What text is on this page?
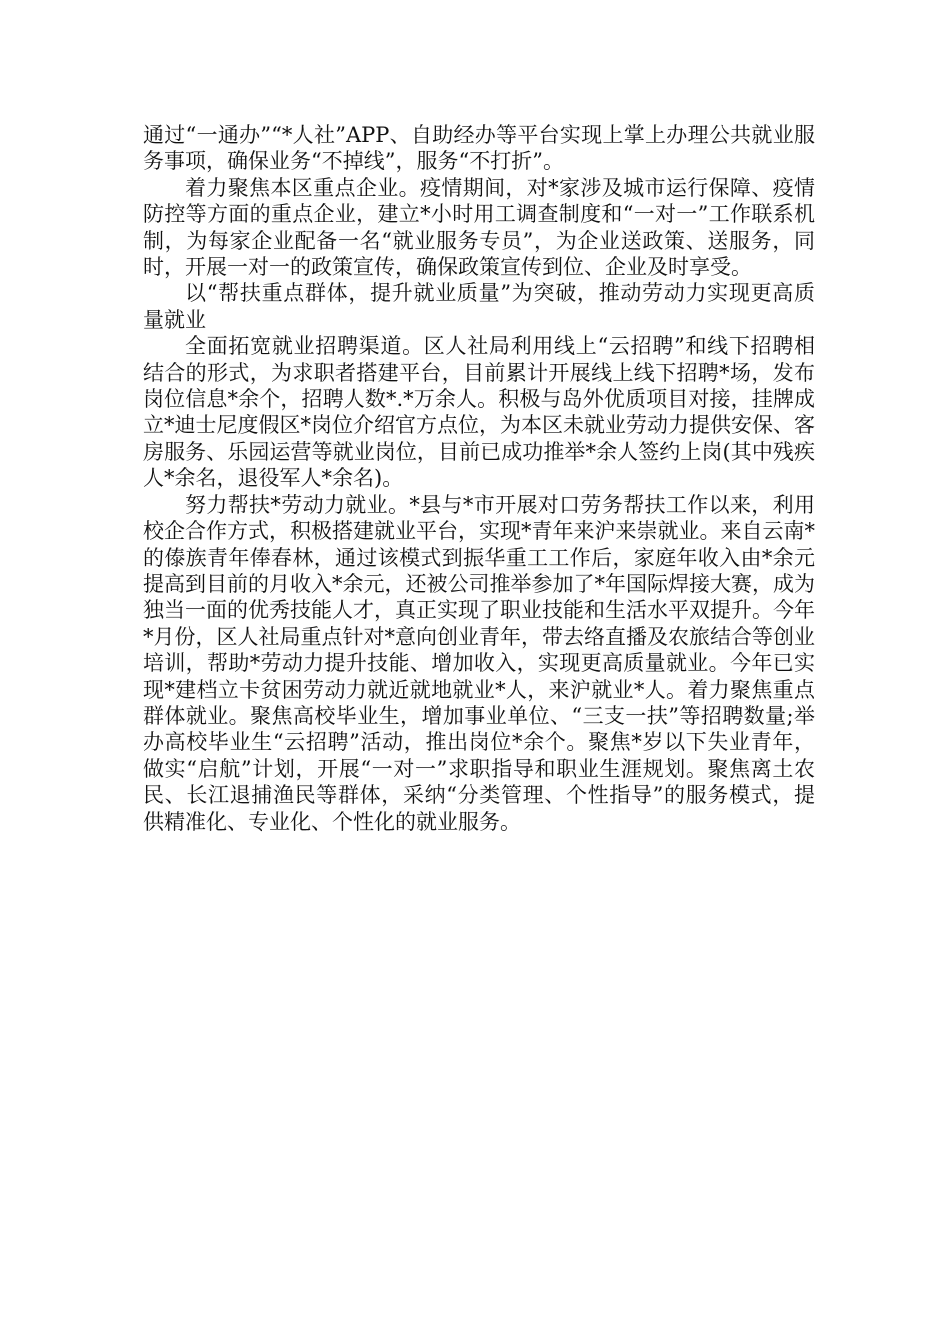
通过“一通办”“*人社”APP、自助经办等平台实现上掌上办理公共就业服务事项，确保业务“不掉线”，服务“不打折”。

着力聚焦本区重点企业。疫情期间，对*家涉及城市运行保障、疫情防控等方面的重点企业，建立*小时用工调查制度和“一对一”工作联系机制，为每家企业配备一名“就业服务专员”，为企业送政策、送服务，同时，开展一对一的政策宣传，确保政策宣传到位、企业及时享受。

以“帮扶重点群体，提升就业质量”为突破，推动劳动力实现更高质量就业

全面拓宽就业招聘渠道。区人社局利用线上“云招聘”和线下招聘相结合的形式，为求职者搭建平台，目前累计开展线上线下招聘*场，发布岗位信息*余个，招聘人数*.*万余人。积极与岛外优质项目对接，挂牌成立*迪士尼度假区*岗位介绍官方点位，为本区未就业劳动力提供安保、客房服务、乐园运营等就业岗位，目前已成功推举*余人签约上岗(其中残疾人*余名，退役军人*余名)。

努力帮扶*劳动力就业。*县与*市开展对口劳务帮扶工作以来，利用校企合作方式，积极搭建就业平台，实现*青年来沪来崇就业。来自云南*的傣族青年俸春林，通过该模式到振华重工工作后，家庭年收入由*余元提高到目前的月收入*余元，还被公司推举参加了*年国际焊接大赛，成为独当一面的优秀技能人才，真正实现了职业技能和生活水平双提升。今年*月份，区人社局重点针对*意向创业青年，带去络直播及农旅结合等创业培训，帮助*劳动力提升技能、增加收入，实现更高质量就业。今年已实现*建档立卡贫困劳动力就近就地就业*人，来沪就业*人。着力聚焦重点群体就业。聚焦高校毕业生，增加事业单位、“三支一扶”等招聘数量;举办高校毕业生“云招聘”活动，推出岗位*余个。聚焦*岁以下失业青年，做实“启航”计划，开展“一对一”求职指导和职业生涯规划。聚焦离土农民、长江退捕渔民等群体，采纳“分类管理、个性指导”的服务模式，提供精准化、专业化、个性化的就业服务。
